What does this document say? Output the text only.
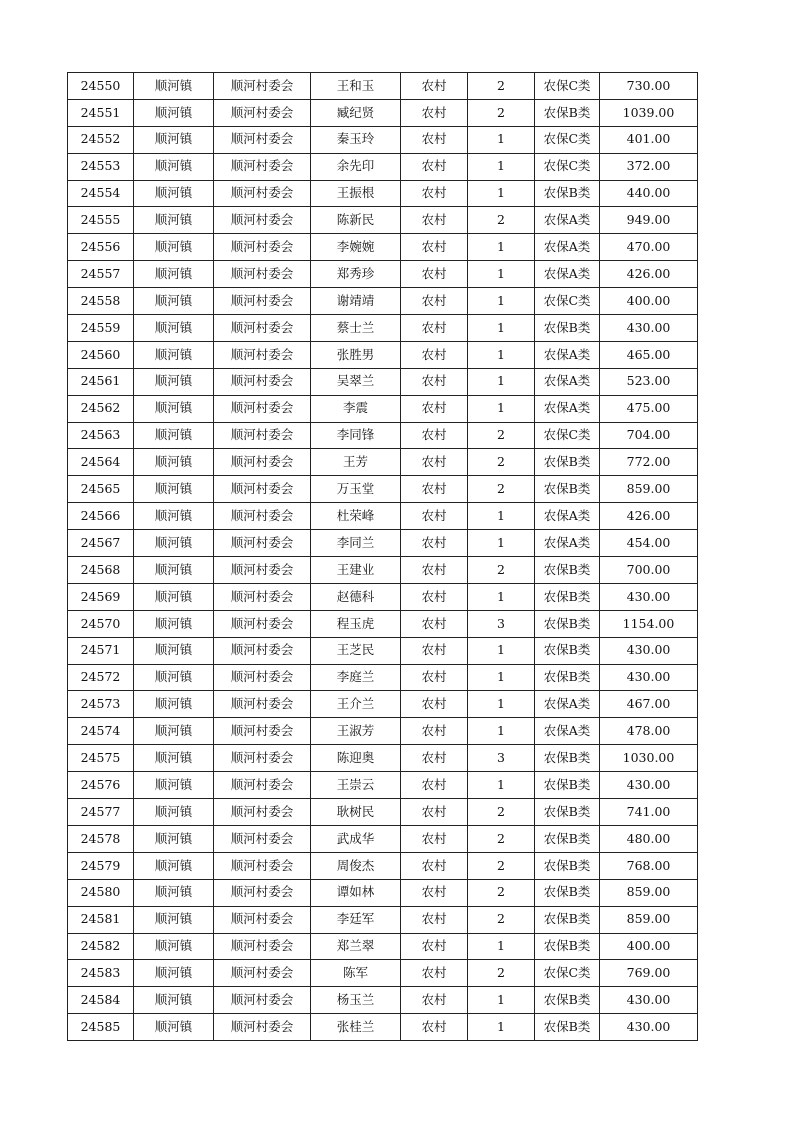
24550	顺河镇	顺河村委会	王和玉	农村	2	农保C类	730.00
24551	顺河镇	顺河村委会	臧纪贤	农村	2	农保B类	1039.00
24552	顺河镇	顺河村委会	秦玉玲	农村	1	农保C类	401.00
24553	顺河镇	顺河村委会	余先印	农村	1	农保C类	372.00
24554	顺河镇	顺河村委会	王振根	农村	1	农保B类	440.00
24555	顺河镇	顺河村委会	陈新民	农村	2	农保A类	949.00
24556	顺河镇	顺河村委会	李婉婉	农村	1	农保A类	470.00
24557	顺河镇	顺河村委会	郑秀珍	农村	1	农保A类	426.00
24558	顺河镇	顺河村委会	谢靖靖	农村	1	农保C类	400.00
24559	顺河镇	顺河村委会	蔡士兰	农村	1	农保B类	430.00
24560	顺河镇	顺河村委会	张胜男	农村	1	农保A类	465.00
24561	顺河镇	顺河村委会	吴翠兰	农村	1	农保A类	523.00
24562	顺河镇	顺河村委会	李震	农村	1	农保A类	475.00
24563	顺河镇	顺河村委会	李同锋	农村	2	农保C类	704.00
24564	顺河镇	顺河村委会	王芳	农村	2	农保B类	772.00
24565	顺河镇	顺河村委会	万玉堂	农村	2	农保B类	859.00
24566	顺河镇	顺河村委会	杜荣峰	农村	1	农保A类	426.00
24567	顺河镇	顺河村委会	李同兰	农村	1	农保A类	454.00
24568	顺河镇	顺河村委会	王建业	农村	2	农保B类	700.00
24569	顺河镇	顺河村委会	赵德科	农村	1	农保B类	430.00
24570	顺河镇	顺河村委会	程玉虎	农村	3	农保B类	1154.00
24571	顺河镇	顺河村委会	王芝民	农村	1	农保B类	430.00
24572	顺河镇	顺河村委会	李庭兰	农村	1	农保B类	430.00
24573	顺河镇	顺河村委会	王介兰	农村	1	农保A类	467.00
24574	顺河镇	顺河村委会	王淑芳	农村	1	农保A类	478.00
24575	顺河镇	顺河村委会	陈迎奥	农村	3	农保B类	1030.00
24576	顺河镇	顺河村委会	王崇云	农村	1	农保B类	430.00
24577	顺河镇	顺河村委会	耿树民	农村	2	农保B类	741.00
24578	顺河镇	顺河村委会	武成华	农村	2	农保B类	480.00
24579	顺河镇	顺河村委会	周俊杰	农村	2	农保B类	768.00
24580	顺河镇	顺河村委会	谭如林	农村	2	农保B类	859.00
24581	顺河镇	顺河村委会	李廷军	农村	2	农保B类	859.00
24582	顺河镇	顺河村委会	郑兰翠	农村	1	农保B类	400.00
24583	顺河镇	顺河村委会	陈军	农村	2	农保C类	769.00
24584	顺河镇	顺河村委会	杨玉兰	农村	1	农保B类	430.00
24585	顺河镇	顺河村委会	张桂兰	农村	1	农保B类	430.00
